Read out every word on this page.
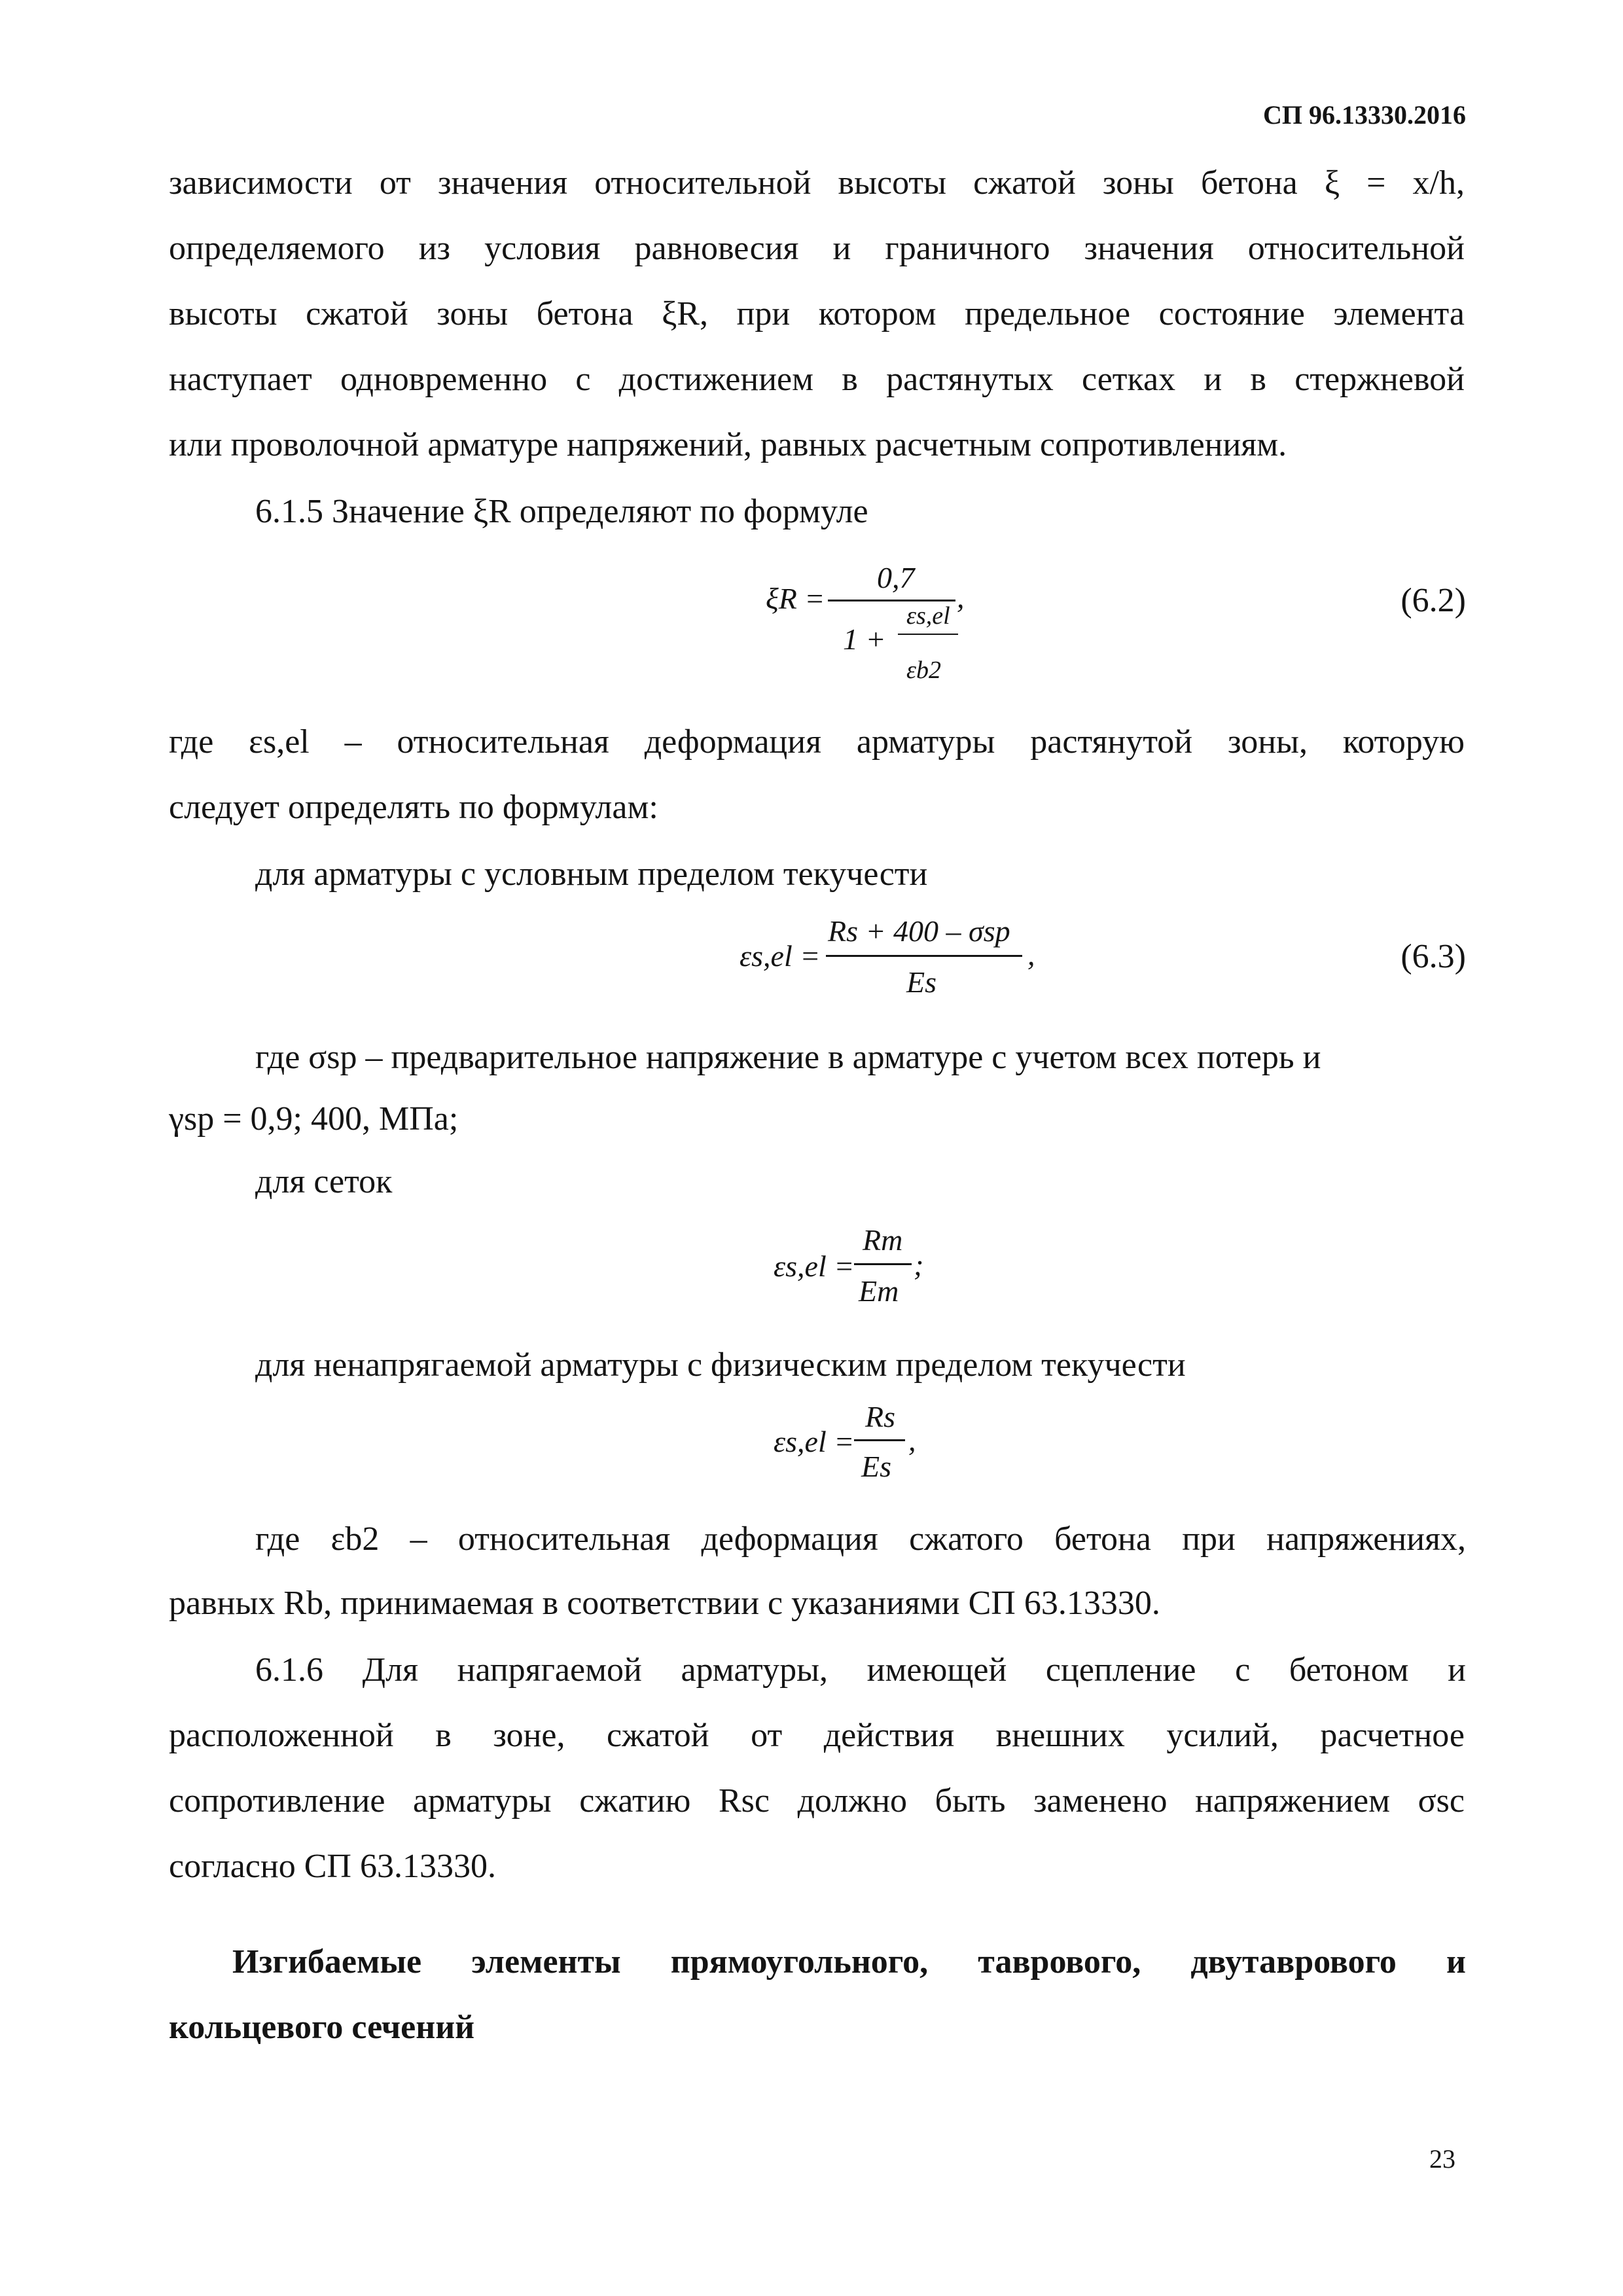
СП 96.13330.2016
зависимости от значения относительной высоты сжатой зоны бетона ξ = x/h,
определяемого из условия равновесия и граничного значения относительной
высоты сжатой зоны бетона ξR, при котором предельное состояние элемента
наступает одновременно с достижением в растянутых сетках и в стержневой
или проволочной арматуре напряжений, равных расчетным сопротивлениям.
6.1.5 Значение ξR определяют по формуле
ξR =
0,7
1 +
εs,el
εb2
,	(6.2)
где εs,el – относительная деформация арматуры растянутой зоны, которую
следует определять по формулам:
для арматуры с условным пределом текучести
εs,el =
Rs + 400 – σsp
Es
,	(6.3)
где σsp – предварительное напряжение в арматуре с учетом всех потерь и
γsp = 0,9; 400, МПа;
для сеток
εs,el =
Rm
Em
;
для ненапрягаемой арматуры с физическим пределом текучести
εs,el =
Rs
Es
,
где εb2 – относительная деформация сжатого бетона при напряжениях,
равных Rb, принимаемая в соответствии с указаниями СП 63.13330.
6.1.6 Для напрягаемой арматуры, имеющей сцепление с бетоном и
расположенной в зоне, сжатой от действия внешних усилий, расчетное
сопротивление арматуры сжатию Rsc должно быть заменено напряжением σsc
согласно СП 63.13330.
Изгибаемые элементы прямоугольного, таврового, двутаврового и
кольцевого сечений
23
